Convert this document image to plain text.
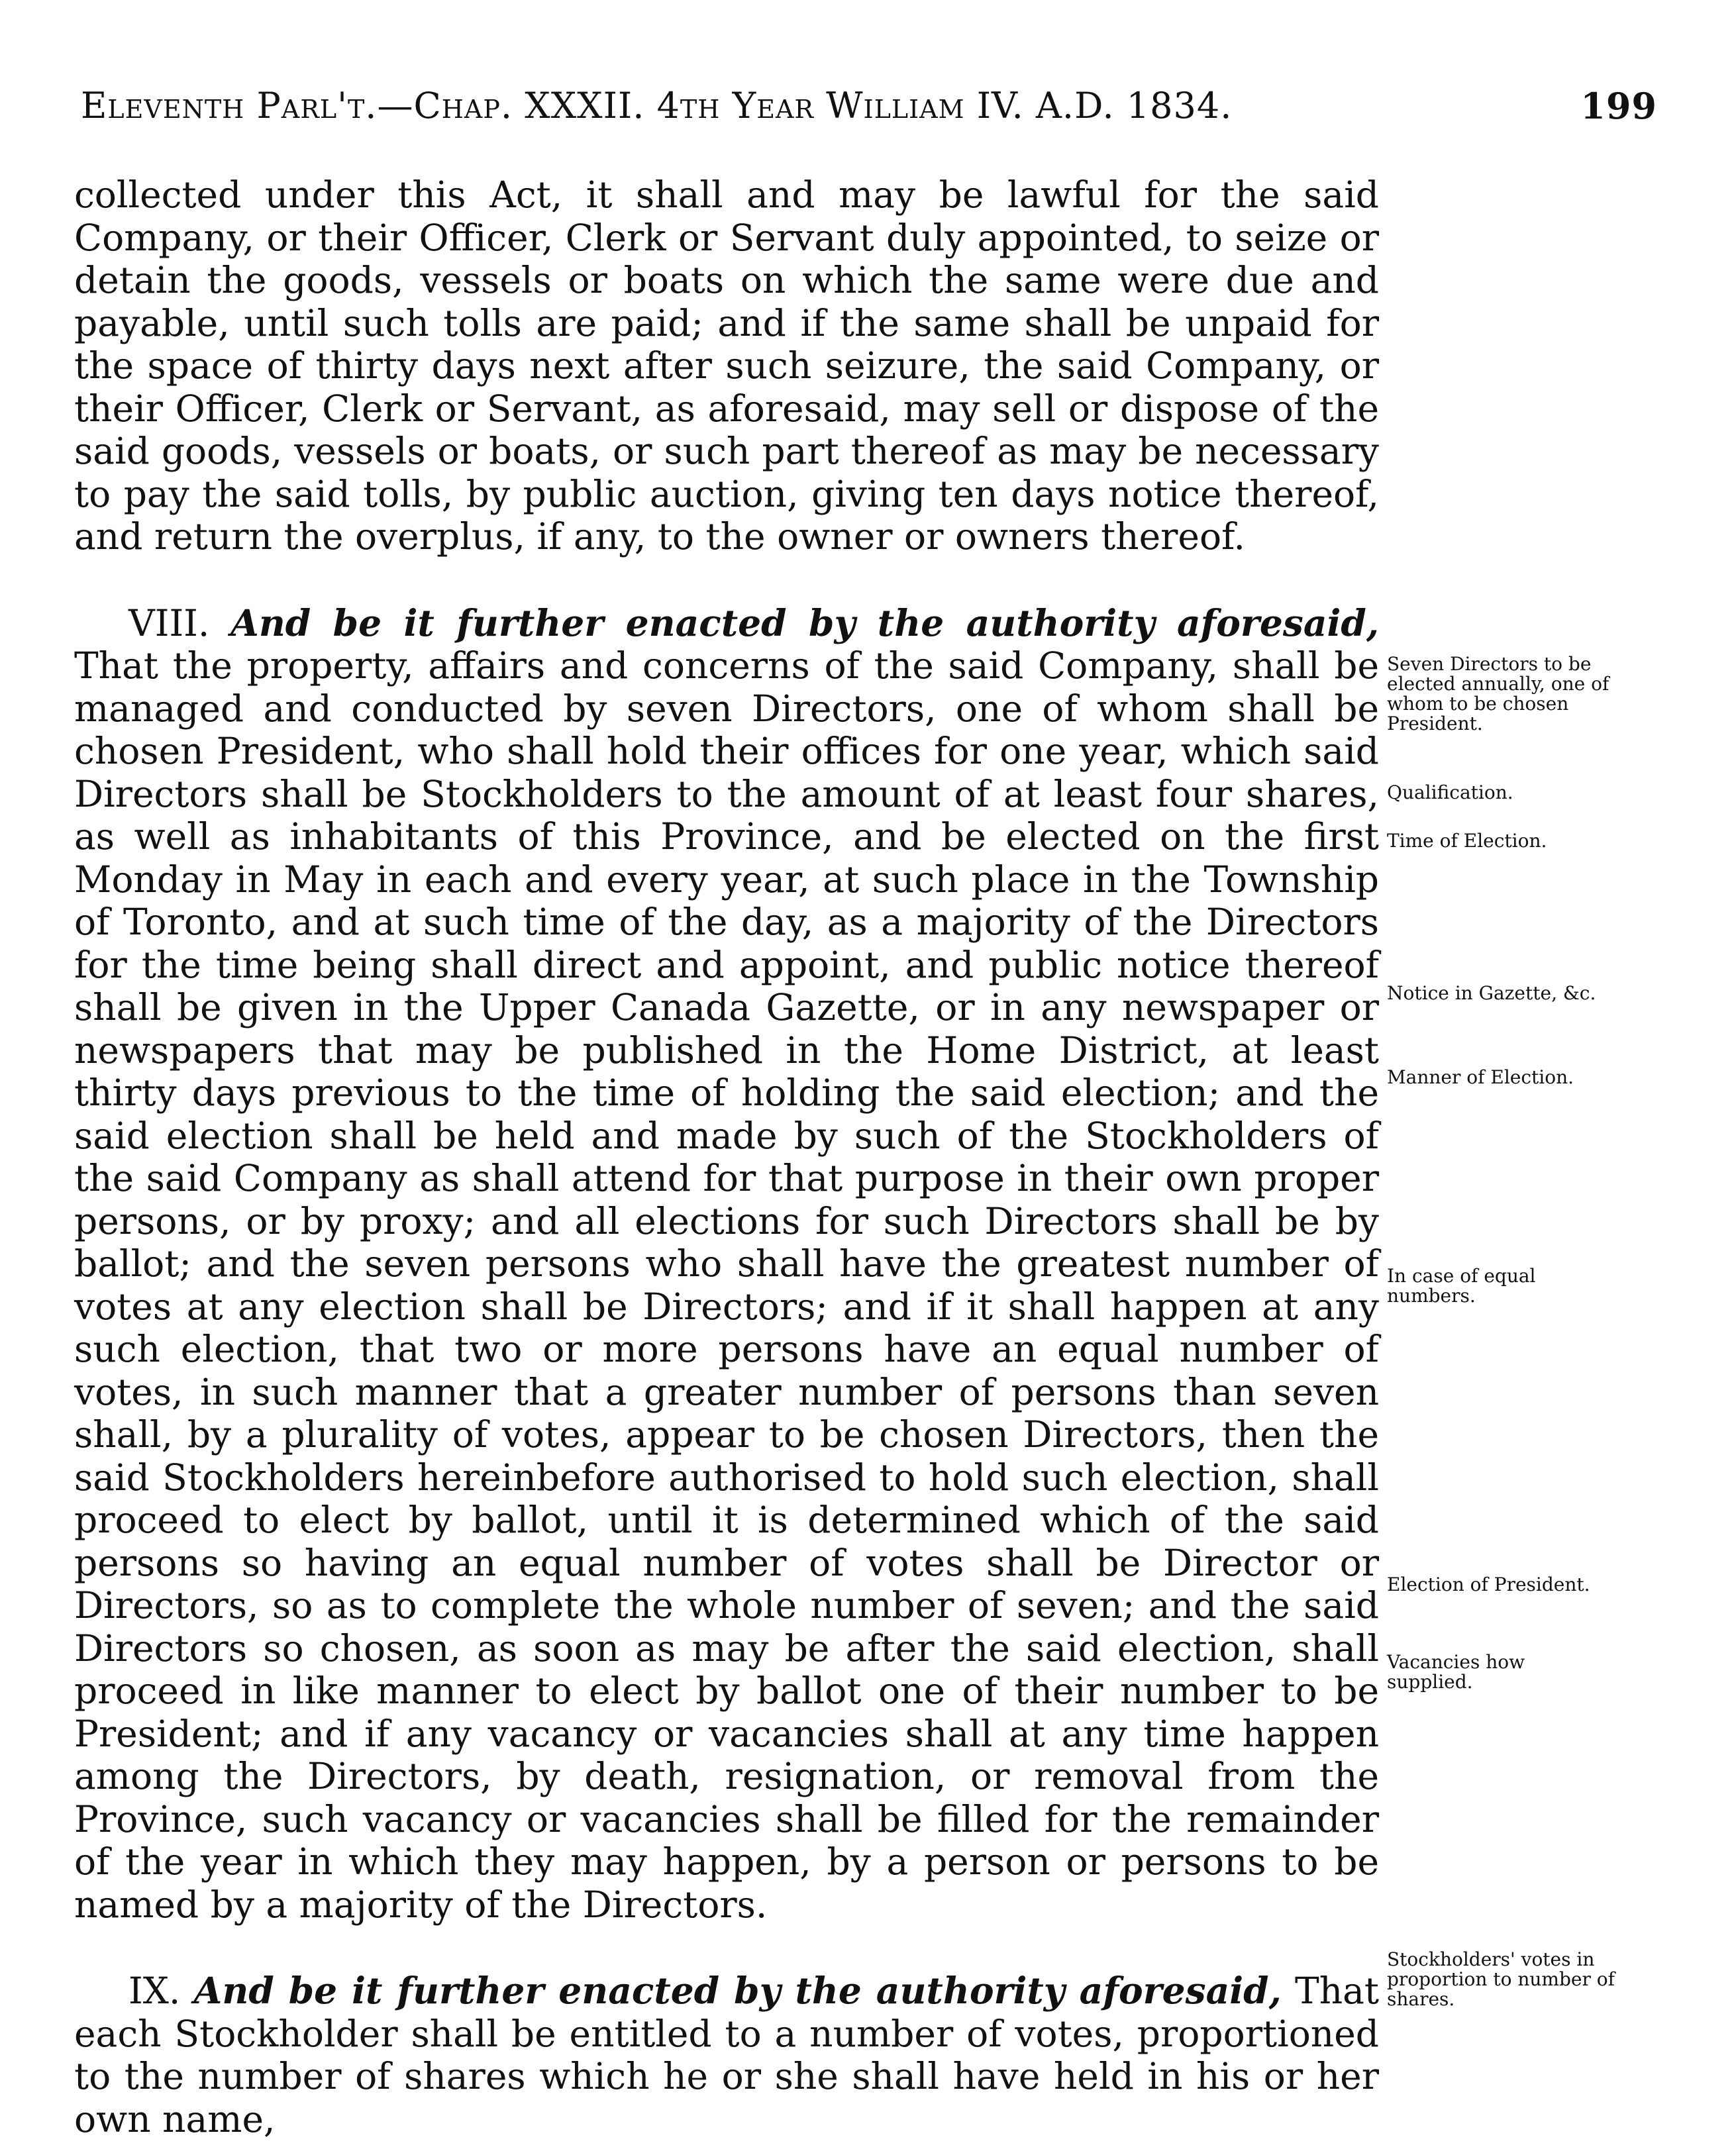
Eleventh Parl't.—Chap. XXXII. 4th Year William IV. A.D. 1834.	199

collected under this Act, it shall and may be lawful for the said Company, or their Officer, Clerk or Servant duly appointed, to seize or detain the goods, vessels or boats on which the same were due and payable, until such tolls are paid; and if the same shall be unpaid for the space of thirty days next after such seizure, the said Company, or their Officer, Clerk or Servant, as aforesaid, may sell or dispose of the said goods, vessels or boats, or such part thereof as may be necessary to pay the said tolls, by public auction, giving ten days notice thereof, and return the overplus, if any, to the owner or owners thereof.

VIII. And be it further enacted by the authority aforesaid, That the property, affairs and concerns of the said Company, shall be managed and conducted by seven Directors, one of whom shall be chosen President, who shall hold their offices for one year, which said Directors shall be Stockholders to the amount of at least four shares, as well as inhabitants of this Province, and be elected on the first Monday in May in each and every year, at such place in the Township of Toronto, and at such time of the day, as a majority of the Directors for the time being shall direct and appoint, and public notice thereof shall be given in the Upper Canada Gazette, or in any newspaper or newspapers that may be published in the Home District, at least thirty days previous to the time of holding the said election; and the said election shall be held and made by such of the Stockholders of the said Company as shall attend for that purpose in their own proper persons, or by proxy; and all elections for such Directors shall be by ballot; and the seven persons who shall have the greatest number of votes at any election shall be Directors; and if it shall happen at any such election, that two or more persons have an equal number of votes, in such manner that a greater number of persons than seven shall, by a plurality of votes, appear to be chosen Directors, then the said Stockholders hereinbefore authorised to hold such election, shall proceed to elect by ballot, until it is determined which of the said persons so having an equal number of votes shall be Director or Directors, so as to complete the whole number of seven; and the said Directors so chosen, as soon as may be after the said election, shall proceed in like manner to elect by ballot one of their number to be President; and if any vacancy or vacancies shall at any time happen among the Directors, by death, resignation, or removal from the Province, such vacancy or vacancies shall be filled for the remainder of the year in which they may happen, by a person or persons to be named by a majority of the Directors.

IX. And be it further enacted by the authority aforesaid, That each Stockholder shall be entitled to a number of votes, proportioned to the number of shares which he or she shall have held in his or her own name,

Seven Directors to be elected annually, one of whom to be chosen President.
Qualification.
Time of Election.
Notice in Gazette, &c.
Manner of Election.
In case of equal numbers.
Election of President.
Vacancies how supplied.
Stockholders' votes in proportion to number of shares.
